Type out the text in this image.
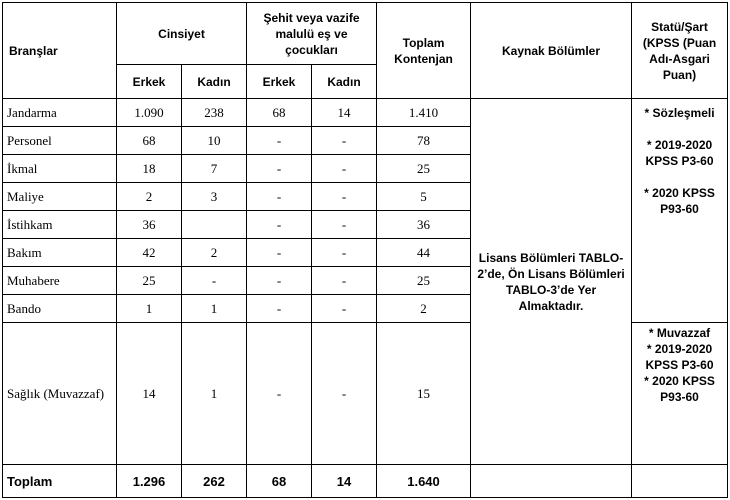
Branşlar	Cinsiyet		Şehit veya vazife malulü eş ve çocukları		Toplam Kontenjan	Kaynak Bölümler	Statü/Şart (KPSS (Puan Adı-Asgari Puan)
	Erkek	Kadın	Erkek	Kadın			
Jandarma	1.090	238	68	14	1.410	Lisans Bölümleri TABLO-2’de, Ön Lisans Bölümleri TABLO-3’de Yer Almaktadır.	* Sözleşmeli
* 2019-2020 KPSS P3-60
* 2020 KPSS P93-60

Personel	68	10	-	-	78		
İkmal	18	7	-	-	25		
Maliye	2	3	-	-	5		
İstihkam	36		-	-	36		
Bakım	42	2	-	-	44		
Muhabere	25	-	-	-	25		
Bando	1	1	-	-	2		
Sağlık (Muvazzaf)	14	1	-	-	15		* Muvazzaf
* 2019-2020 KPSS P3-60
* 2020 KPSS P93-60

Toplam	1.296	262	68	14	1.640		
